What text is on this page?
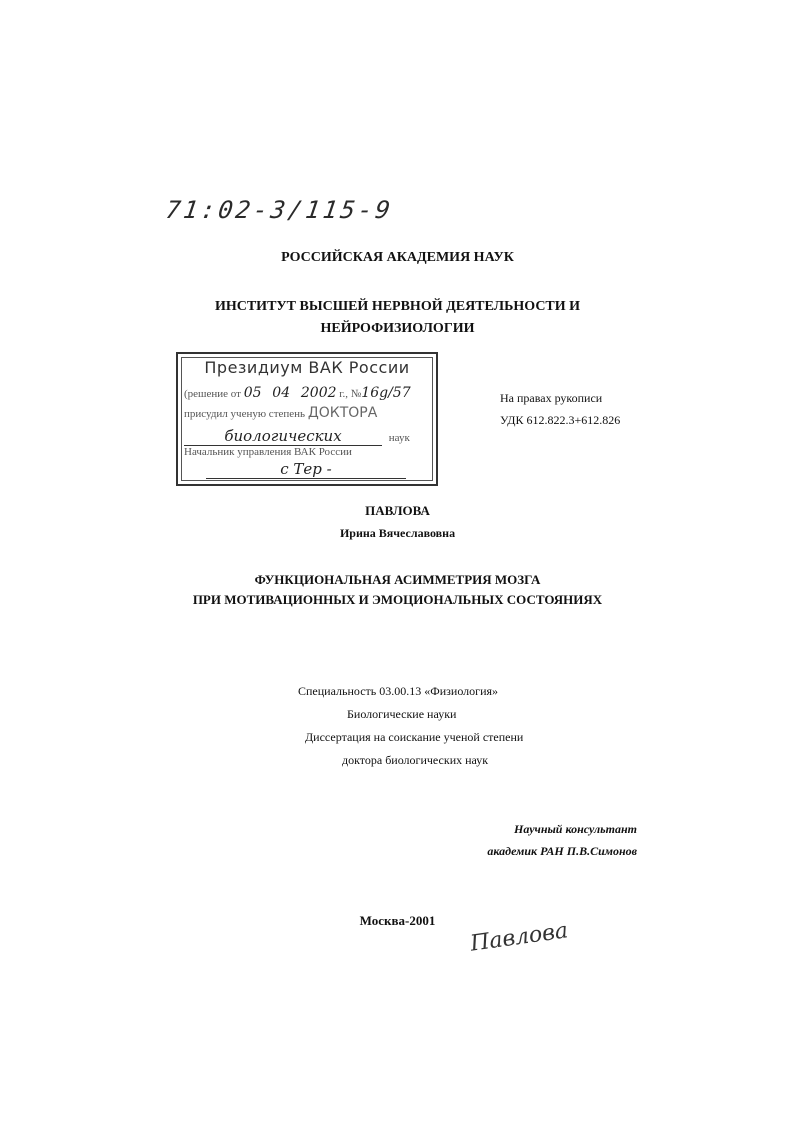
71:02-3/115-9
РОССИЙСКАЯ АКАДЕМИЯ НАУК
ИНСТИТУТ ВЫСШЕЙ НЕРВНОЙ ДЕЯТЕЛЬНОСТИ И
НЕЙРОФИЗИОЛОГИИ
Президиум ВАК России
(решение от 05 04 2002 г., №16g/57
присудил ученую степень ДОКТОРА
биологических	наук
Начальник управления ВАК России
с Тер -
На правах рукописи
УДК 612.822.3+612.826
ПАВЛОВА
Ирина Вячеславовна
ФУНКЦИОНАЛЬНАЯ АСИММЕТРИЯ МОЗГА
ПРИ МОТИВАЦИОННЫХ И ЭМОЦИОНАЛЬНЫХ СОСТОЯНИЯХ
Специальность 03.00.13 «Физиология»
Биологические науки
Диссертация на соискание ученой степени
доктора биологических наук
Научный консультант
академик РАН П.В.Симонов
Москва-2001	Павлова
